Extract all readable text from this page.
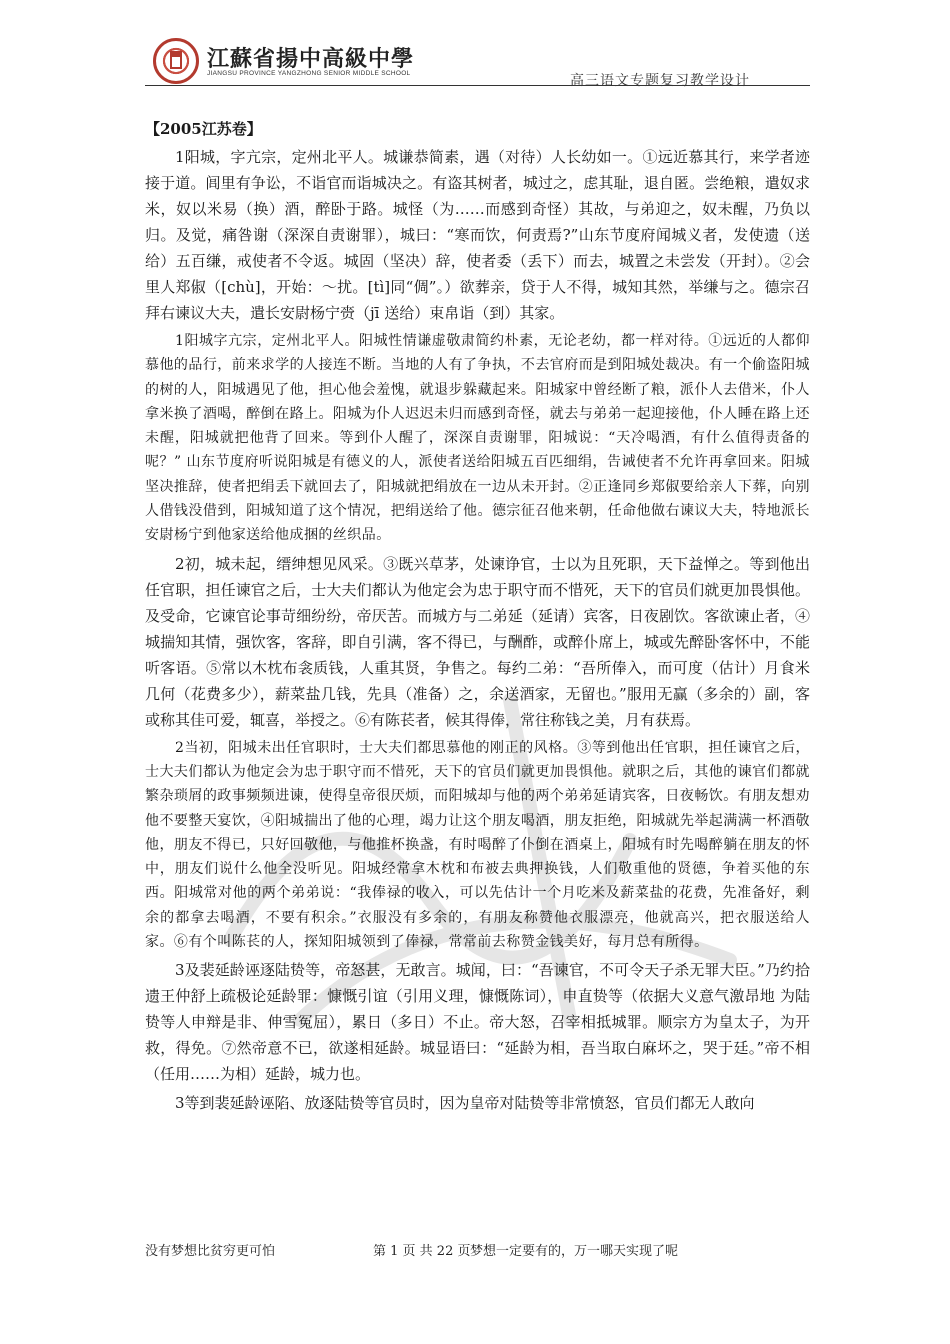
江蘇省揚中高級中學
JIANGSU PROVINCE YANGZHONG SENIOR MIDDLE SCHOOL	高三语文专题复习教学设计
【2005江苏卷】

1阳城，字亢宗，定州北平人。城谦恭简素，遇（对待）人长幼如一。①远近慕其行，来学者迹接于道。闾里有争讼，不诣官而诣城决之。有盗其树者，城过之，虑其耻，退自匿。尝绝粮，遣奴求米，奴以米易（换）酒，醉卧于路。城怪（为……而感到奇怪）其故，与弟迎之，奴未醒，乃负以归。及觉，痛咎谢（深深自责谢罪），城曰：“寒而饮，何责焉?”山东节度府闻城义者，发使遗（送给）五百缣，戒使者不令返。城固（坚决）辞，使者委（丢下）而去，城置之未尝发（开封）。②会里人郑俶（[chù]，开始：～扰。[tì]同“倜”。）欲葬亲，贷于人不得，城知其然，举缣与之。德宗召拜右谏议大夫，遣长安尉杨宁赍（jī 送给）束帛诣（到）其家。

1阳城字亢宗，定州北平人。阳城性情谦虚敬肃简约朴素，无论老幼，都一样对待。①远近的人都仰慕他的品行，前来求学的人接连不断。当地的人有了争执，不去官府而是到阳城处裁决。有一个偷盗阳城的树的人，阳城遇见了他，担心他会羞愧，就退步躲藏起来。阳城家中曾经断了粮，派仆人去借米，仆人拿米换了酒喝，醉倒在路上。阳城为仆人迟迟未归而感到奇怪，就去与弟弟一起迎接他，仆人睡在路上还未醒，阳城就把他背了回来。等到仆人醒了，深深自责谢罪，阳城说：“天冷喝酒，有什么值得责备的呢？” 山东节度府听说阳城是有德义的人，派使者送给阳城五百匹细绢，告诫使者不允许再拿回来。阳城坚决推辞，使者把绢丢下就回去了，阳城就把绢放在一边从未开封。②正逢同乡郑俶要给亲人下葬，向别人借钱没借到，阳城知道了这个情况，把绢送给了他。德宗征召他来朝，任命他做右谏议大夫，特地派长安尉杨宁到他家送给他成捆的丝织品。

2初，城未起，缙绅想见风采。③既兴草茅，处谏诤官，士以为且死职，天下益惮之。等到他出任官职，担任谏官之后，士大夫们都认为他定会为忠于职守而不惜死，天下的官员们就更加畏惧他。及受命，它谏官论事苛细纷纷，帝厌苦。而城方与二弟延（延请）宾客，日夜剧饮。客欲谏止者，④城揣知其情，强饮客，客辞，即自引满，客不得已，与酬酢，或醉仆席上，城或先醉卧客怀中，不能听客语。⑤常以木枕布衾质钱，人重其贤，争售之。每约二弟：“吾所俸入，而可度（估计）月食米几何（花费多少），薪菜盐几钱，先具（准备）之，余送酒家，无留也。”服用无赢（多余的）副，客或称其佳可爱，辄喜，举授之。⑥有陈苌者，候其得俸，常往称钱之美，月有获焉。

2当初，阳城未出任官职时，士大夫们都思慕他的刚正的风格。③等到他出任官职，担任谏官之后，士大夫们都认为他定会为忠于职守而不惜死，天下的官员们就更加畏惧他。就职之后，其他的谏官们都就繁杂琐屑的政事频频进谏，使得皇帝很厌烦，而阳城却与他的两个弟弟延请宾客，日夜畅饮。有朋友想劝他不要整天宴饮，④阳城揣出了他的心理，竭力让这个朋友喝酒，朋友拒绝，阳城就先举起满满一杯酒敬他，朋友不得已，只好回敬他，与他推杯换盏，有时喝醉了仆倒在酒桌上，阳城有时先喝醉躺在朋友的怀中，朋友们说什么他全没听见。阳城经常拿木枕和布被去典押换钱，人们敬重他的贤德，争着买他的东西。阳城常对他的两个弟弟说：“我俸禄的收入，可以先估计一个月吃米及薪菜盐的花费，先准备好，剩余的都拿去喝酒，不要有积余。”衣服没有多余的，有朋友称赞他衣服漂亮，他就高兴，把衣服送给人家。⑥有个叫陈苌的人，探知阳城领到了俸禄，常常前去称赞金钱美好，每月总有所得。

3及裴延龄诬逐陆贽等，帝怒甚，无敢言。城闻，曰：“吾谏官，不可令天子杀无罪大臣。”乃约拾遗王仲舒上疏极论延龄罪：慷慨引谊（引用义理，慷慨陈词），申直贽等（依据大义意气激昂地 为陆贽等人申辩是非、伸雪冤屈），累日（多日）不止。帝大怒，召宰相抵城罪。顺宗方为皇太子，为开救，得免。⑦然帝意不已，欲遂相延龄。城显语曰：“延龄为相，吾当取白麻坏之，哭于廷。”帝不相（任用……为相）延龄，城力也。

3等到裴延龄诬陷、放逐陆贽等官员时，因为皇帝对陆贽等非常愤怒，官员们都无人敢向

没有梦想比贫穷更可怕	第 1 页 共 22 页 梦想一定要有的，万一哪天实现了呢
